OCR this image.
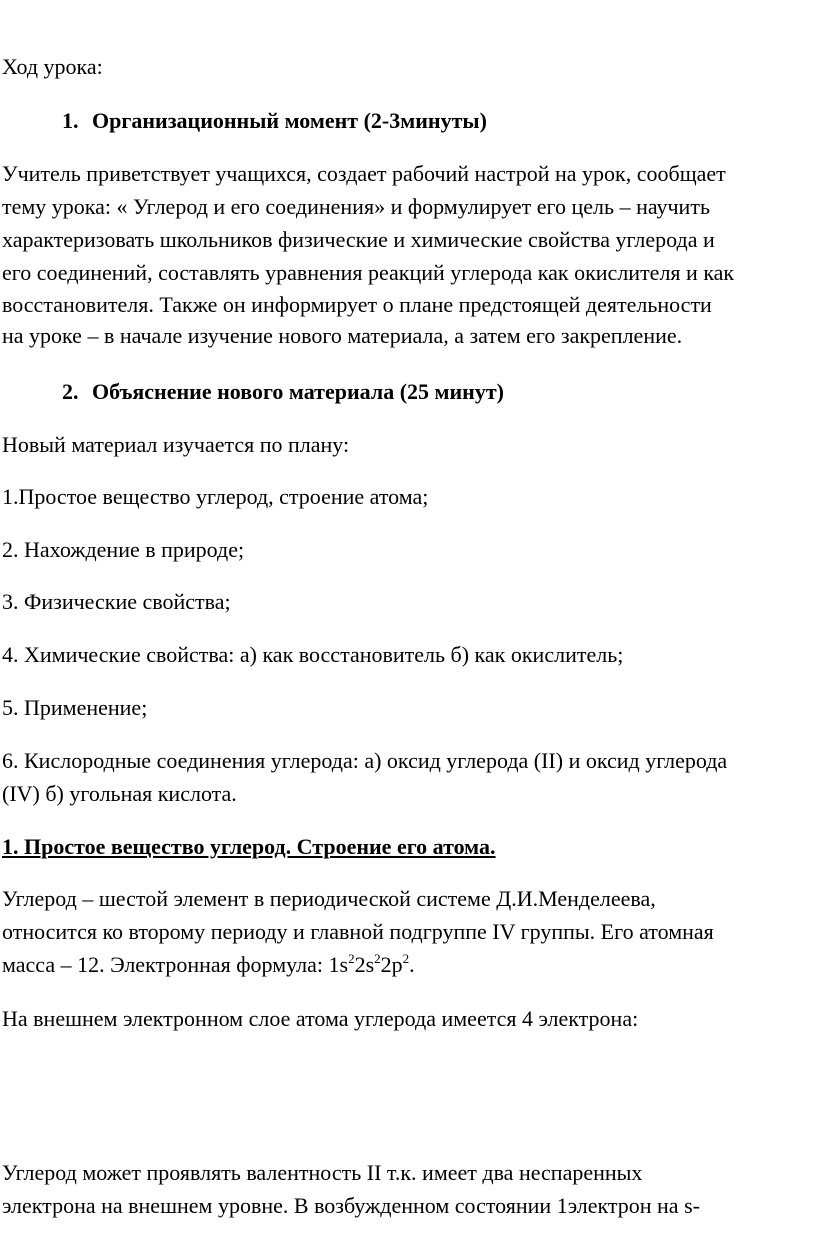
Ход урока:
1. Организационный момент (2-3минуты)
Учитель приветствует учащихся, создает рабочий настрой на урок, сообщает
тему урока: « Углерод и его соединения» и формулирует его цель – научить
характеризовать школьников физические и химические свойства углерода и
его соединений, составлять уравнения реакций углерода как окислителя и как
восстановителя. Также он информирует о плане предстоящей деятельности
на уроке – в начале изучение нового материала, а затем его закрепление.
2. Объяснение нового материала (25 минут)
Новый материал изучается по плану:
1.Простое вещество углерод, строение атома;
2. Нахождение в природе;
3. Физические свойства;
4. Химические свойства: а) как восстановитель б) как окислитель;
5. Применение;
6. Кислородные соединения углерода: а) оксид углерода (II) и оксид углерода
(IV) б) угольная кислота.
1. Простое вещество углерод. Строение его атома.
Углерод – шестой элемент в периодической системе Д.И.Менделеева,
относится ко второму периоду и главной подгруппе IV группы. Его атомная
масса – 12. Электронная формула: $1s^22s^22p^2$.
На внешнем электронном слое атома углерода имеется 4 электрона:
Углерод может проявлять валентность II т.к. имеет два неспаренных
электрона на внешнем уровне. В возбужденном состоянии 1электрон на s-
